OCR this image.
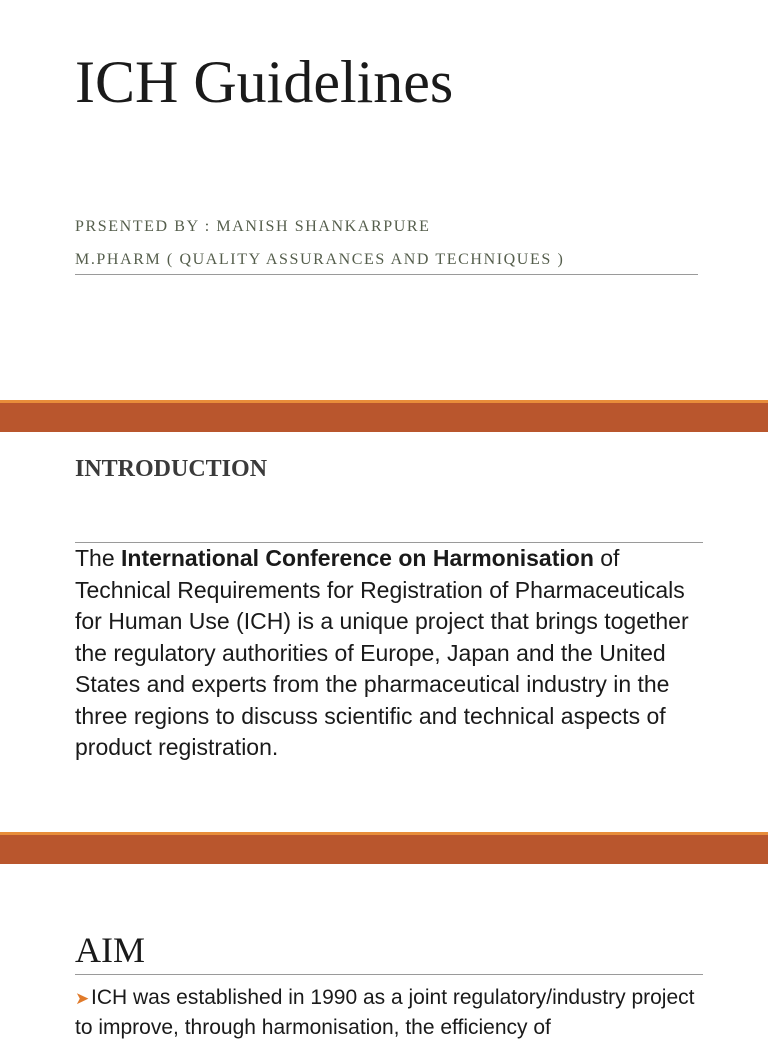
ICH Guidelines

PRSENTED BY : MANISH SHANKARPURE

M.PHARM ( QUALITY ASSURANCES AND TECHNIQUES )

INTRODUCTION

The International Conference on Harmonisation of Technical Requirements for Registration of Pharmaceuticals for Human Use (ICH) is a unique project that brings together the regulatory authorities of Europe, Japan and the United States and experts from the pharmaceutical industry in the three regions to discuss scientific and technical aspects of product registration.

AIM

➤ICH was established in 1990 as a joint regulatory/industry project to improve, through harmonisation, the efficiency of
